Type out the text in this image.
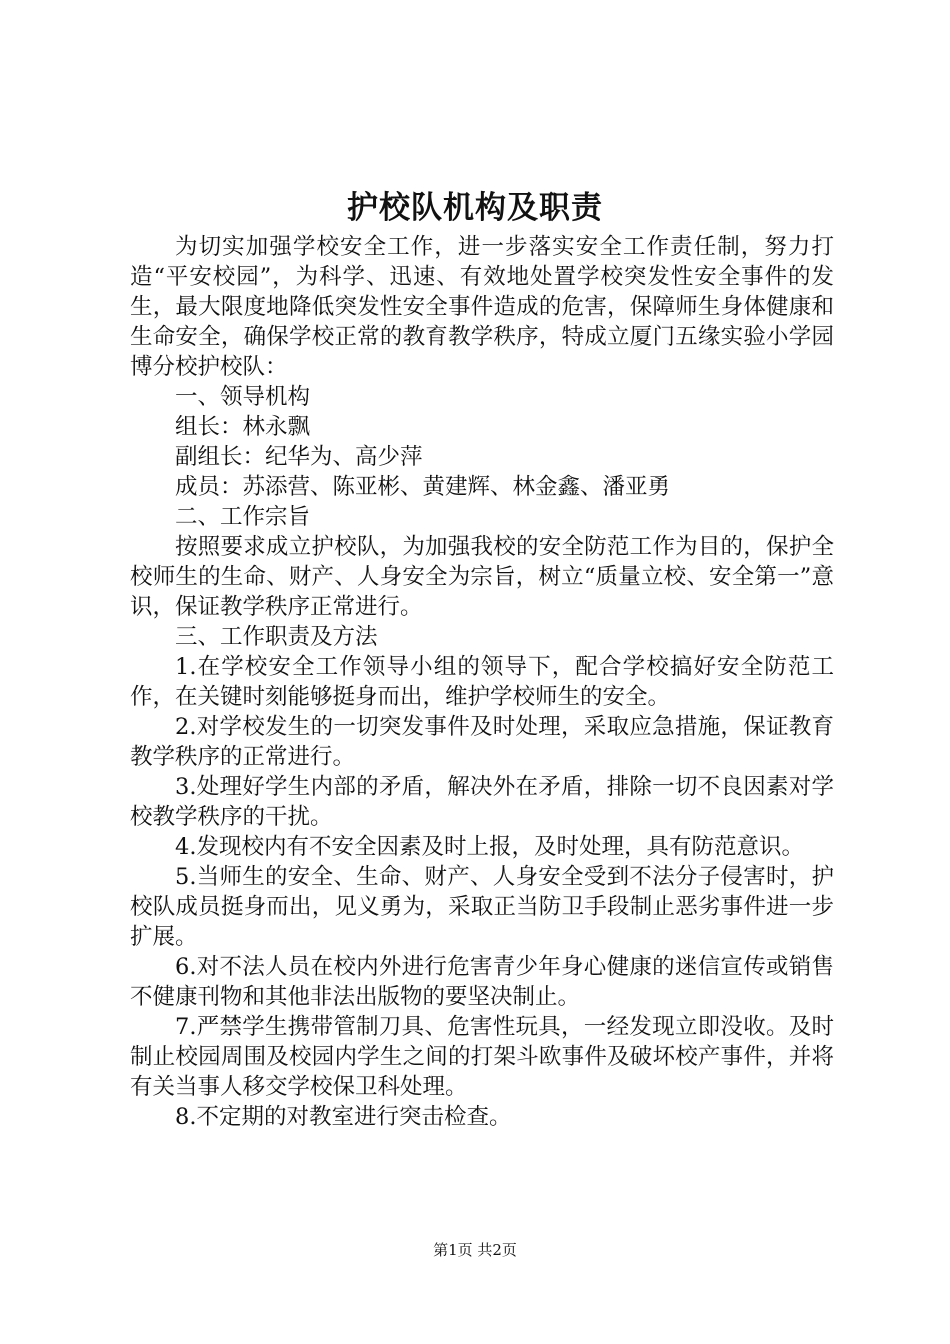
护校队机构及职责

为切实加强学校安全工作，进一步落实安全工作责任制，努力打造“平安校园”，为科学、迅速、有效地处置学校突发性安全事件的发生，最大限度地降低突发性安全事件造成的危害，保障师生身体健康和生命安全，确保学校正常的教育教学秩序，特成立厦门五缘实验小学园博分校护校队：

一、领导机构

组长：林永飘

副组长：纪华为、高少萍

成员：苏添营、陈亚彬、黄建辉、林金鑫、潘亚勇

二、工作宗旨

按照要求成立护校队，为加强我校的安全防范工作为目的，保护全校师生的生命、财产、人身安全为宗旨，树立“质量立校、安全第一”意识，保证教学秩序正常进行。

三、工作职责及方法

1.在学校安全工作领导小组的领导下，配合学校搞好安全防范工作，在关键时刻能够挺身而出，维护学校师生的安全。

2.对学校发生的一切突发事件及时处理，采取应急措施，保证教育教学秩序的正常进行。

3.处理好学生内部的矛盾，解决外在矛盾，排除一切不良因素对学校教学秩序的干扰。

4.发现校内有不安全因素及时上报，及时处理，具有防范意识。

5.当师生的安全、生命、财产、人身安全受到不法分子侵害时，护校队成员挺身而出，见义勇为，采取正当防卫手段制止恶劣事件进一步扩展。

6.对不法人员在校内外进行危害青少年身心健康的迷信宣传或销售不健康刊物和其他非法出版物的要坚决制止。

7.严禁学生携带管制刀具、危害性玩具，一经发现立即没收。及时制止校园周围及校园内学生之间的打架斗欧事件及破坏校产事件，并将有关当事人移交学校保卫科处理。

8.不定期的对教室进行突击检查。

第1页 共2页
